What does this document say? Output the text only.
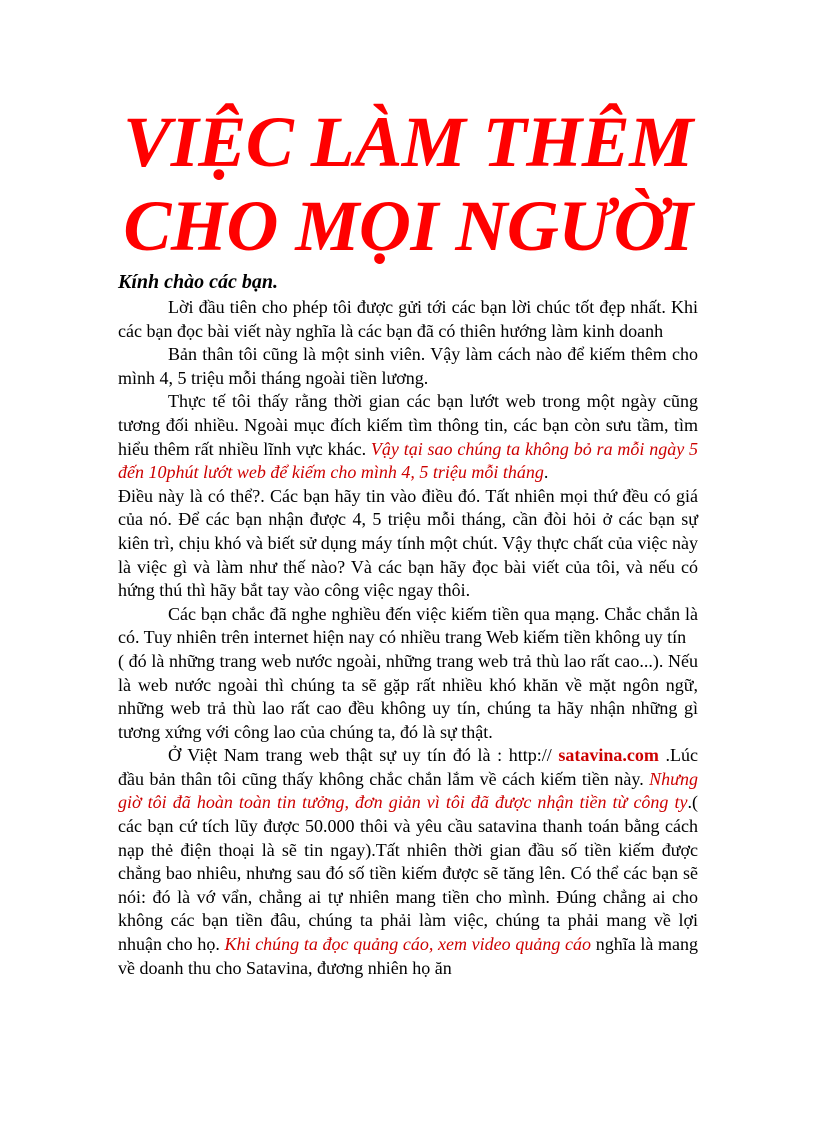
VIỆC LÀM THÊM
CHO MỌI NGƯỜI

Kính chào các bạn.

Lời đầu tiên cho phép tôi được gửi tới các bạn lời chúc tốt đẹp nhất. Khi các bạn đọc bài viết này nghĩa là các bạn đã có thiên hướng làm kinh doanh

Bản thân tôi cũng là một sinh viên. Vậy làm cách nào để kiếm thêm cho mình 4, 5 triệu mỗi tháng ngoài tiền lương.

Thực tế tôi thấy rằng thời gian các bạn lướt web trong một ngày cũng tương đối nhiều. Ngoài mục đích kiếm tìm thông tin, các bạn còn sưu tầm, tìm hiểu thêm rất nhiều lĩnh vực khác. Vậy tại sao chúng ta không bỏ ra mỗi ngày 5 đến 10phút lướt web để kiếm cho mình 4, 5 triệu mỗi tháng.

Điều này là có thể?. Các bạn hãy tin vào điều đó. Tất nhiên mọi thứ đều có giá của nó. Để các bạn nhận được 4, 5 triệu mỗi tháng, cần đòi hỏi ở các bạn sự kiên trì, chịu khó và biết sử dụng máy tính một chút. Vậy thực chất của việc này là việc gì và làm như thế nào? Và các bạn hãy đọc bài viết của tôi, và nếu có hứng thú thì hãy bắt tay vào công việc ngay thôi.

Các bạn chắc đã nghe nghiều đến việc kiếm tiền qua mạng. Chắc chắn là có. Tuy nhiên trên internet hiện nay có nhiều trang Web kiếm tiền không uy tín

( đó là những trang web nước ngoài, những trang web trả thù lao rất cao...). Nếu là web nước ngoài thì chúng ta sẽ gặp rất nhiều khó khăn về mặt ngôn ngữ, những web trả thù lao rất cao đều không uy tín, chúng ta hãy nhận những gì tương xứng với công lao của chúng ta, đó là sự thật.

Ở Việt Nam trang web thật sự uy tín đó là : http:// satavina.com .Lúc đầu bản thân tôi cũng thấy không chắc chắn lắm về cách kiếm tiền này. Nhưng giờ tôi đã hoàn toàn tin tưởng, đơn giản vì tôi đã được nhận tiền từ công ty.( các bạn cứ tích lũy được 50.000 thôi và yêu cầu satavina thanh toán bằng cách nạp thẻ điện thoại là sẽ tin ngay).Tất nhiên thời gian đầu số tiền kiếm được chẳng bao nhiêu, nhưng sau đó số tiền kiếm được sẽ tăng lên. Có thể các bạn sẽ nói: đó là vớ vẩn, chẳng ai tự nhiên mang tiền cho mình. Đúng chẳng ai cho không các bạn tiền đâu, chúng ta phải làm việc, chúng ta phải mang về lợi nhuận cho họ. Khi chúng ta đọc quảng cáo, xem video quảng cáo nghĩa là mang về doanh thu cho Satavina, đương nhiên họ ăn
